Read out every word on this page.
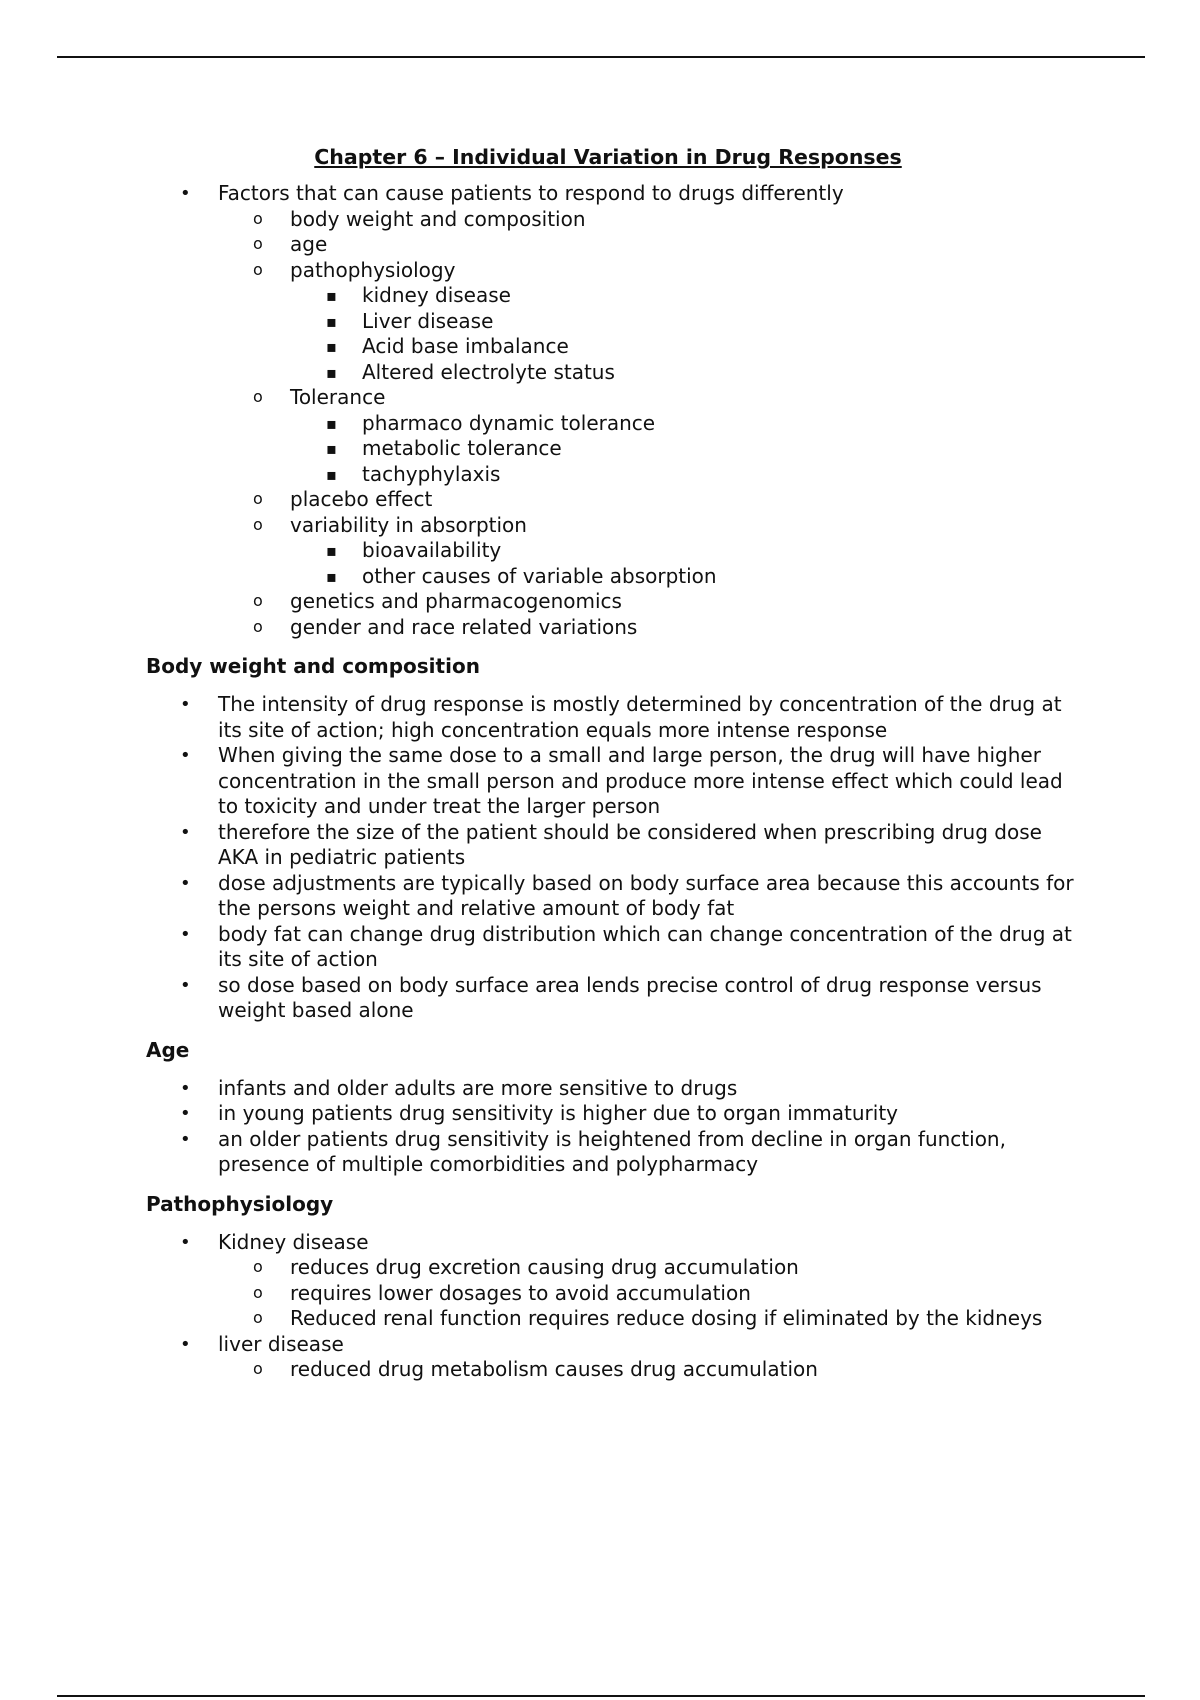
Chapter 6 – Individual Variation in Drug Responses
• Factors that can cause patients to respond to drugs differently
o body weight and composition
o age
o pathophysiology
▪ kidney disease
▪ Liver disease
▪ Acid base imbalance
▪ Altered electrolyte status
o Tolerance
▪ pharmaco dynamic tolerance
▪ metabolic tolerance
▪ tachyphylaxis
o placebo effect
o variability in absorption
▪ bioavailability
▪ other causes of variable absorption
o genetics and pharmacogenomics
o gender and race related variations
Body weight and composition
• The intensity of drug response is mostly determined by concentration of the drug at its site of action; high concentration equals more intense response
• When giving the same dose to a small and large person, the drug will have higher concentration in the small person and produce more intense effect which could lead to toxicity and under treat the larger person
• therefore the size of the patient should be considered when prescribing drug dose AKA in pediatric patients
• dose adjustments are typically based on body surface area because this accounts for the persons weight and relative amount of body fat
• body fat can change drug distribution which can change concentration of the drug at its site of action
• so dose based on body surface area lends precise control of drug response versus weight based alone
Age
• infants and older adults are more sensitive to drugs
• in young patients drug sensitivity is higher due to organ immaturity
• an older patients drug sensitivity is heightened from decline in organ function, presence of multiple comorbidities and polypharmacy
Pathophysiology
• Kidney disease
o reduces drug excretion causing drug accumulation
o requires lower dosages to avoid accumulation
o Reduced renal function requires reduce dosing if eliminated by the kidneys
• liver disease
o reduced drug metabolism causes drug accumulation
